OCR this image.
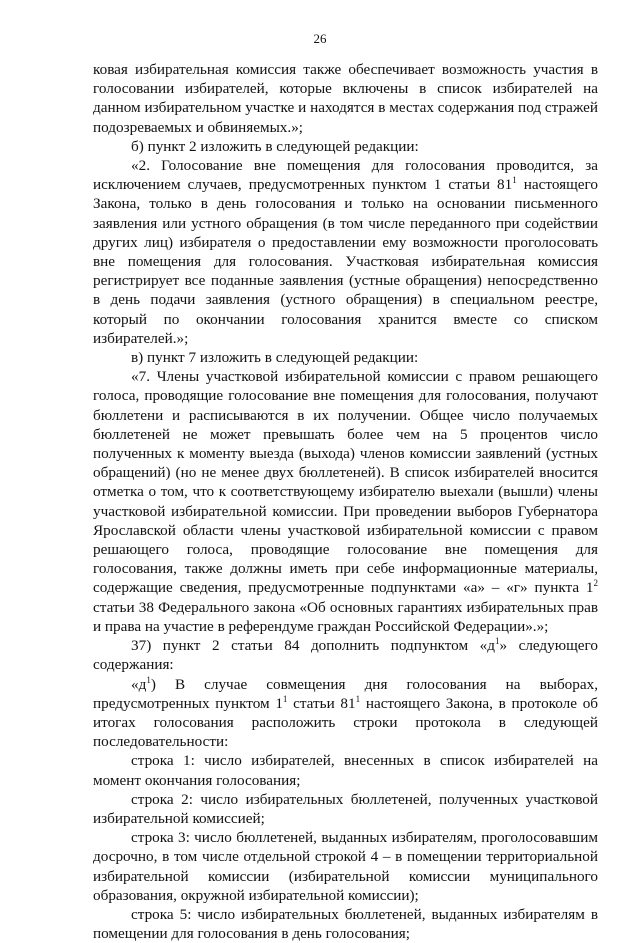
26

ковая избирательная комиссия также обеспечивает возможность участия в голосовании избирателей, которые включены в список избирателей на данном избирательном участке и находятся в местах содержания под стражей подозреваемых и обвиняемых.»;

б) пункт 2 изложить в следующей редакции:

«2. Голосование вне помещения для голосования проводится, за исключением случаев, предусмотренных пунктом 1 статьи $81^1$ настоящего Закона, только в день голосования и только на основании письменного заявления или устного обращения (в том числе переданного при содействии других лиц) избирателя о предоставлении ему возможности проголосовать вне помещения для голосования. Участковая избирательная комиссия регистрирует все поданные заявления (устные обращения) непосредственно в день подачи заявления (устного обращения) в специальном реестре, который по окончании голосования хранится вместе со списком избирателей.»;

в) пункт 7 изложить в следующей редакции:

«7. Члены участковой избирательной комиссии с правом решающего голоса, проводящие голосование вне помещения для голосования, получают бюллетени и расписываются в их получении. Общее число получаемых бюллетеней не может превышать более чем на 5 процентов число полученных к моменту выезда (выхода) членов комиссии заявлений (устных обращений) (но не менее двух бюллетеней). В список избирателей вносится отметка о том, что к соответствующему избирателю выехали (вышли) члены участковой избирательной комиссии. При проведении выборов Губернатора Ярославской области члены участковой избирательной комиссии с правом решающего голоса, проводящие голосование вне помещения для голосования, также должны иметь при себе информационные материалы, содержащие сведения, предусмотренные подпунктами «а» – «г» пункта $1^2$ статьи 38 Федерального закона «Об основных гарантиях избирательных прав и права на участие в референдуме граждан Российской Федерации».»;

37) пункт 2 статьи 84 дополнить подпунктом «$д^1$» следующего содержания:

«$д^1$) В случае совмещения дня голосования на выборах, предусмотренных пунктом $1^1$ статьи $81^1$ настоящего Закона, в протоколе об итогах голосования расположить строки протокола в следующей последовательности:

строка 1: число избирателей, внесенных в список избирателей на момент окончания голосования;

строка 2: число избирательных бюллетеней, полученных участковой избирательной комиссией;

строка 3: число бюллетеней, выданных избирателям, проголосовавшим досрочно, в том числе отдельной строкой 4 – в помещении территориальной избирательной комиссии (избирательной комиссии муниципального образования, окружной избирательной комиссии);

строка 5: число избирательных бюллетеней, выданных избирателям в помещении для голосования в день голосования;
